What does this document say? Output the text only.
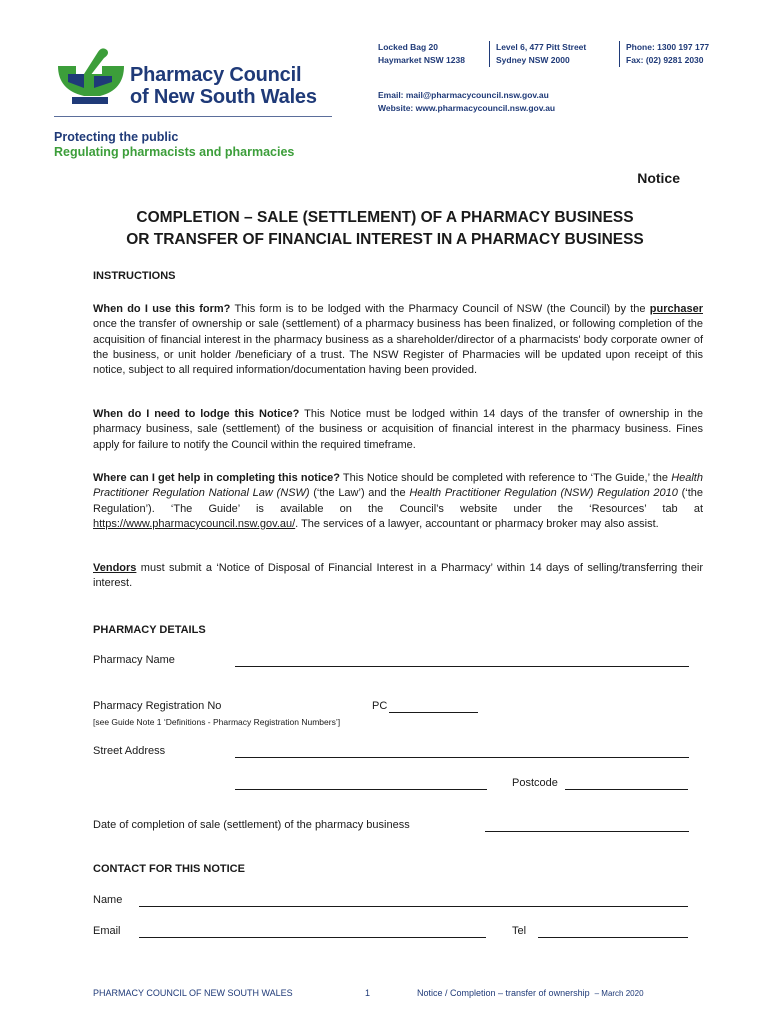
Pharmacy Council
of New South Wales
Protecting the public
Regulating pharmacists and pharmacies
Locked Bag 20
Haymarket NSW 1238
Level 6, 477 Pitt Street
Sydney NSW 2000
Phone: 1300 197 177
Fax: (02) 9281 2030
Email: mail@pharmacycouncil.nsw.gov.au
Website: www.pharmacycouncil.nsw.gov.au
Notice
COMPLETION – SALE (SETTLEMENT) OF A PHARMACY BUSINESS
OR TRANSFER OF FINANCIAL INTEREST IN A PHARMACY BUSINESS
INSTRUCTIONS
When do I use this form? This form is to be lodged with the Pharmacy Council of NSW (the Council) by the purchaser once the transfer of ownership or sale (settlement) of a pharmacy business has been finalized, or following completion of the acquisition of financial interest in the pharmacy business as a shareholder/director of a pharmacists' body corporate owner of the business, or unit holder /beneficiary of a trust. The NSW Register of Pharmacies will be updated upon receipt of this notice, subject to all required information/documentation having been provided.
When do I need to lodge this Notice? This Notice must be lodged within 14 days of the transfer of ownership in the pharmacy business, sale (settlement) of the business or acquisition of financial interest in the pharmacy business. Fines apply for failure to notify the Council within the required timeframe.
Where can I get help in completing this notice? This Notice should be completed with reference to ‘The Guide,’ the Health Practitioner Regulation National Law (NSW) (‘the Law’) and the Health Practitioner Regulation (NSW) Regulation 2010 (‘the Regulation’). ‘The Guide’ is available on the Council’s website under the ‘Resources’ tab at https://www.pharmacycouncil.nsw.gov.au/. The services of a lawyer, accountant or pharmacy broker may also assist.
Vendors must submit a ‘Notice of Disposal of Financial Interest in a Pharmacy’ within 14 days of selling/transferring their interest.
PHARMACY DETAILS
Pharmacy Name
Pharmacy Registration No	PC
[see Guide Note 1 ‘Definitions - Pharmacy Registration Numbers’]
Street Address
Postcode
Date of completion of sale (settlement) of the pharmacy business
CONTACT FOR THIS NOTICE
Name
Email	Tel
PHARMACY COUNCIL OF NEW SOUTH WALES	1	Notice / Completion – transfer of ownership – March 2020
